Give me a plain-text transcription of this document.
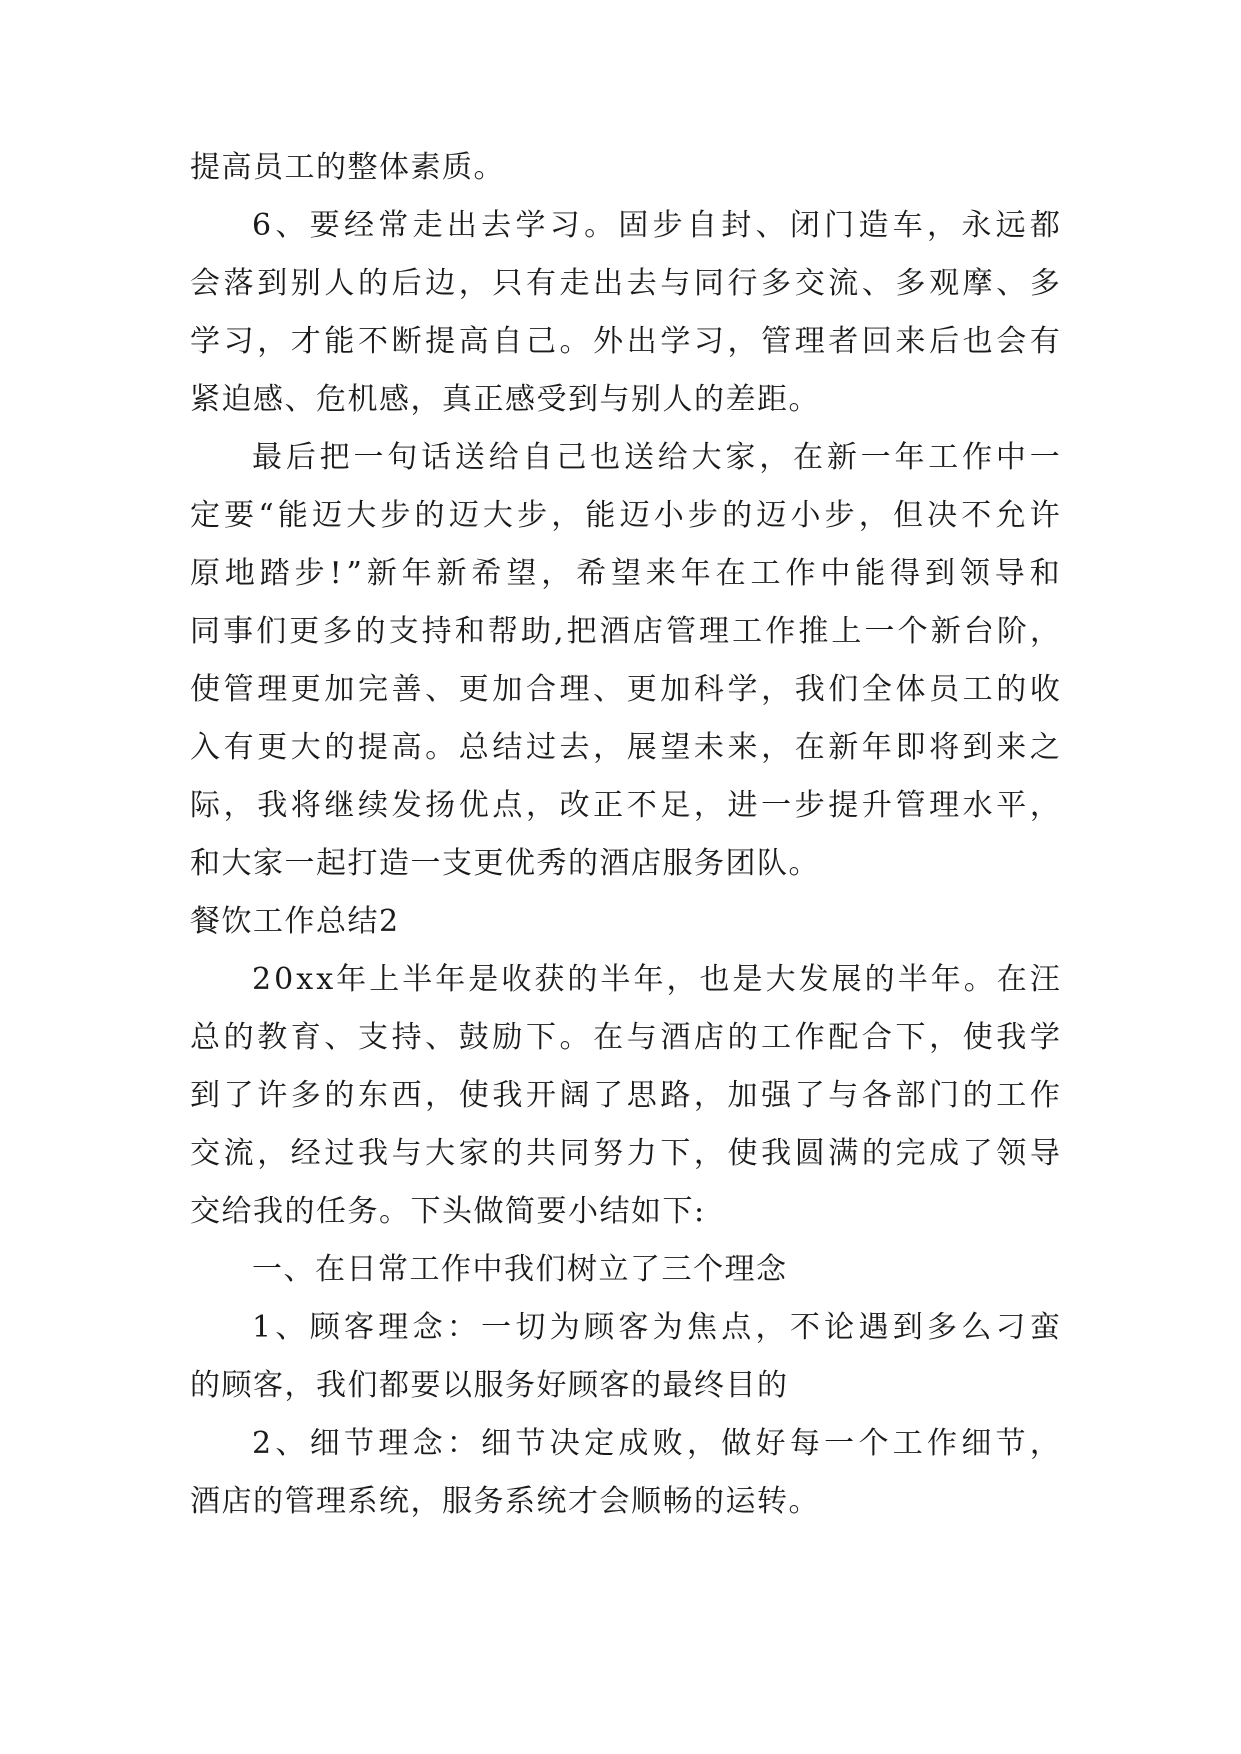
提高员工的整体素质。
6 、 要 经 常 走 出 去 学 习 。 固 步 自 封 、 闭 门 造 车 ， 永 远 都
会 落 到 别 人 的 后 边 ， 只 有 走 出 去 与 同 行 多 交 流 、 多 观 摩 、 多
学 习 ， 才 能 不 断 提 高 自 己 。 外 出 学 习 ， 管 理 者 回 来 后 也 会 有
紧迫感、危机感，真正感受到与别人的差距。
最 后 把 一 句 话 送 给 自 己 也 送 给 大 家 ， 在 新 一 年 工 作 中 一
定 要 “ 能 迈 大 步 的 迈 大 步 ， 能 迈 小 步 的 迈 小 步 ， 但 决 不 允 许
原 地 踏 步 ! ” 新 年 新 希 望 ， 希 望 来 年 在 工 作 中 能 得 到 领 导 和
同 事 们 更 多 的 支 持 和 帮 助 , 把 酒 店 管 理 工 作 推 上 一 个 新 台 阶 ，
使 管 理 更 加 完 善 、 更 加 合 理 、 更 加 科 学 ， 我 们 全 体 员 工 的 收
入 有 更 大 的 提 高 。 总 结 过 去 ， 展 望 未 来 ， 在 新 年 即 将 到 来 之
际 ， 我 将 继 续 发 扬 优 点 ， 改 正 不 足 ， 进 一 步 提 升 管 理 水 平 ，
和大家一起打造一支更优秀的酒店服务团队。
餐饮工作总结2
2 0 x x 年 上 半 年 是 收 获 的 半 年 ， 也 是 大 发 展 的 半 年 。 在 汪
总 的 教 育 、 支 持 、 鼓 励 下 。 在 与 酒 店 的 工 作 配 合 下 ， 使 我 学
到 了 许 多 的 东 西 ， 使 我 开 阔 了 思 路 ， 加 强 了 与 各 部 门 的 工 作
交 流 ， 经 过 我 与 大 家 的 共 同 努 力 下 ， 使 我 圆 满 的 完 成 了 领 导
交给我的任务。下头做简要小结如下:
一、在日常工作中我们树立了三个理念
1 、 顾 客 理 念 ： 一 切 为 顾 客 为 焦 点 ， 不 论 遇 到 多 么 刁 蛮
的顾客，我们都要以服务好顾客的最终目的
2 、 细 节 理 念 ： 细 节 决 定 成 败 ， 做 好 每 一 个 工 作 细 节 ，
酒店的管理系统，服务系统才会顺畅的运转。
